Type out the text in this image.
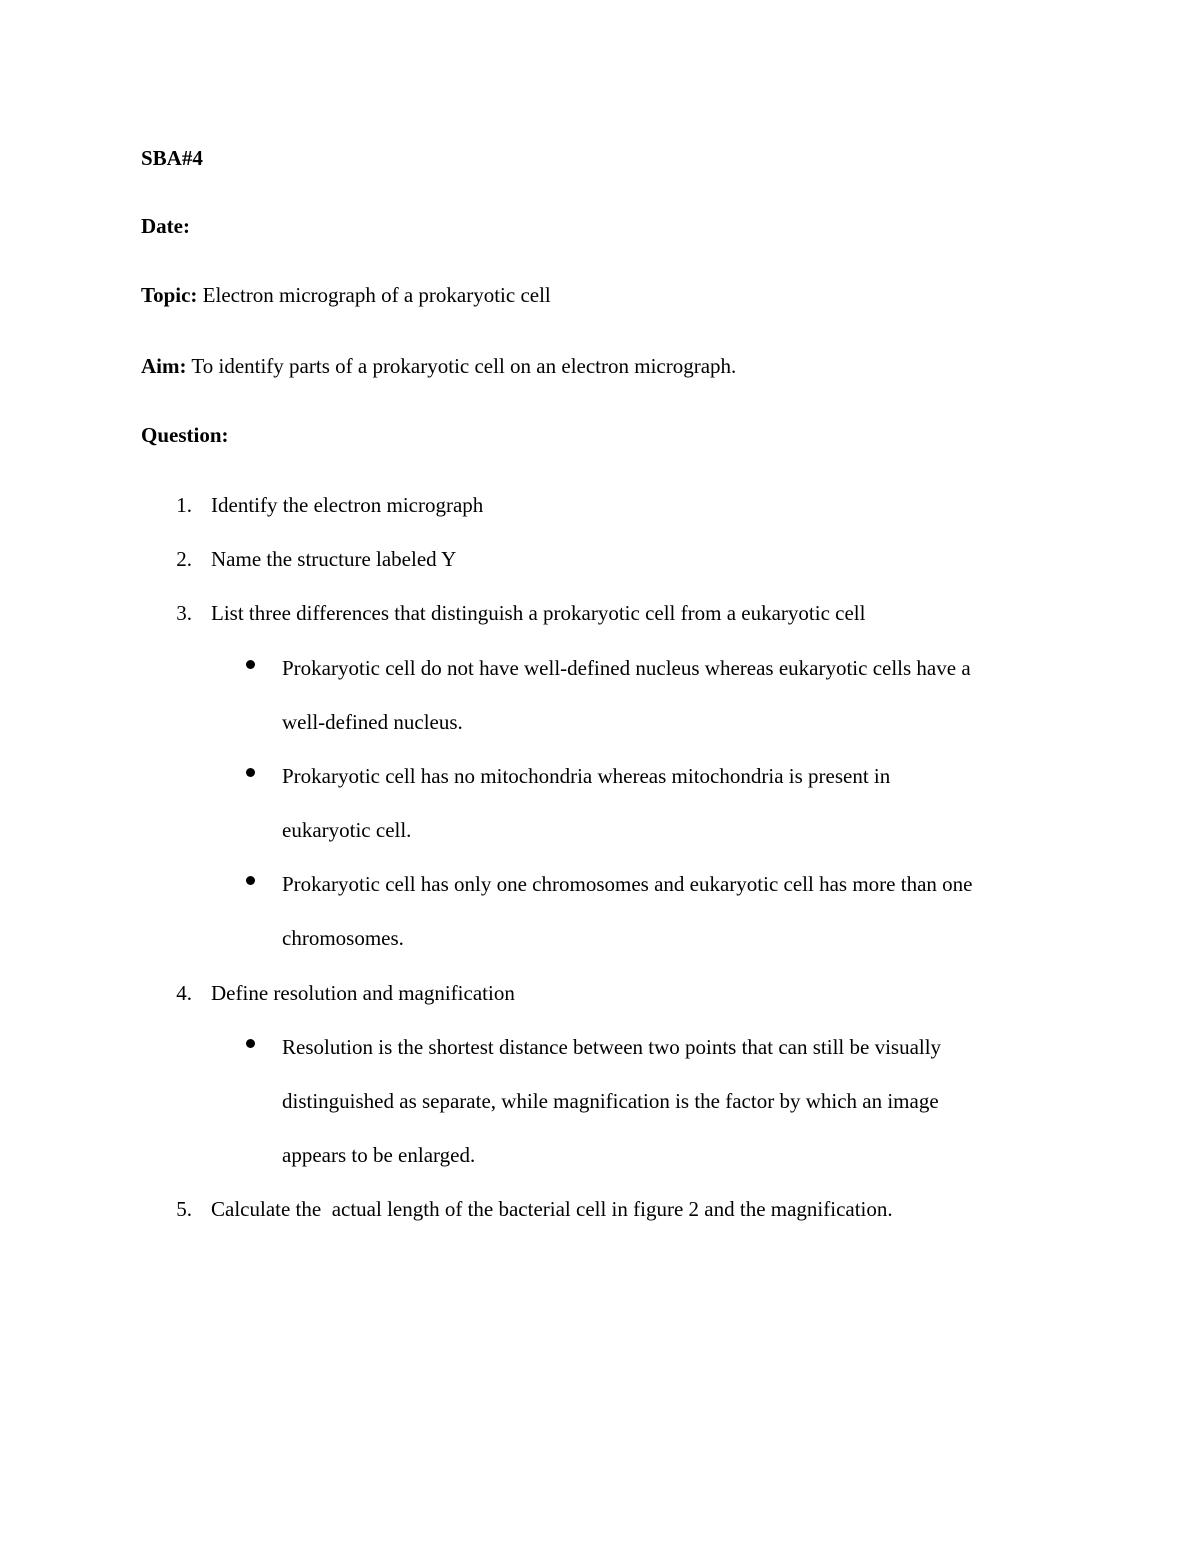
SBA#4
Date:
Topic: Electron micrograph of a prokaryotic cell
Aim: To identify parts of a prokaryotic cell on an electron micrograph.
Question:
1. Identify the electron micrograph
2. Name the structure labeled Y
3. List three differences that distinguish a prokaryotic cell from a eukaryotic cell
Prokaryotic cell do not have well-defined nucleus whereas eukaryotic cells have a
well-defined nucleus.
Prokaryotic cell has no mitochondria whereas mitochondria is present in
eukaryotic cell.
Prokaryotic cell has only one chromosomes and eukaryotic cell has more than one
chromosomes.
4. Define resolution and magnification
Resolution is the shortest distance between two points that can still be visually
distinguished as separate, while magnification is the factor by which an image
appears to be enlarged.
5. Calculate the  actual length of the bacterial cell in figure 2 and the magnification.
